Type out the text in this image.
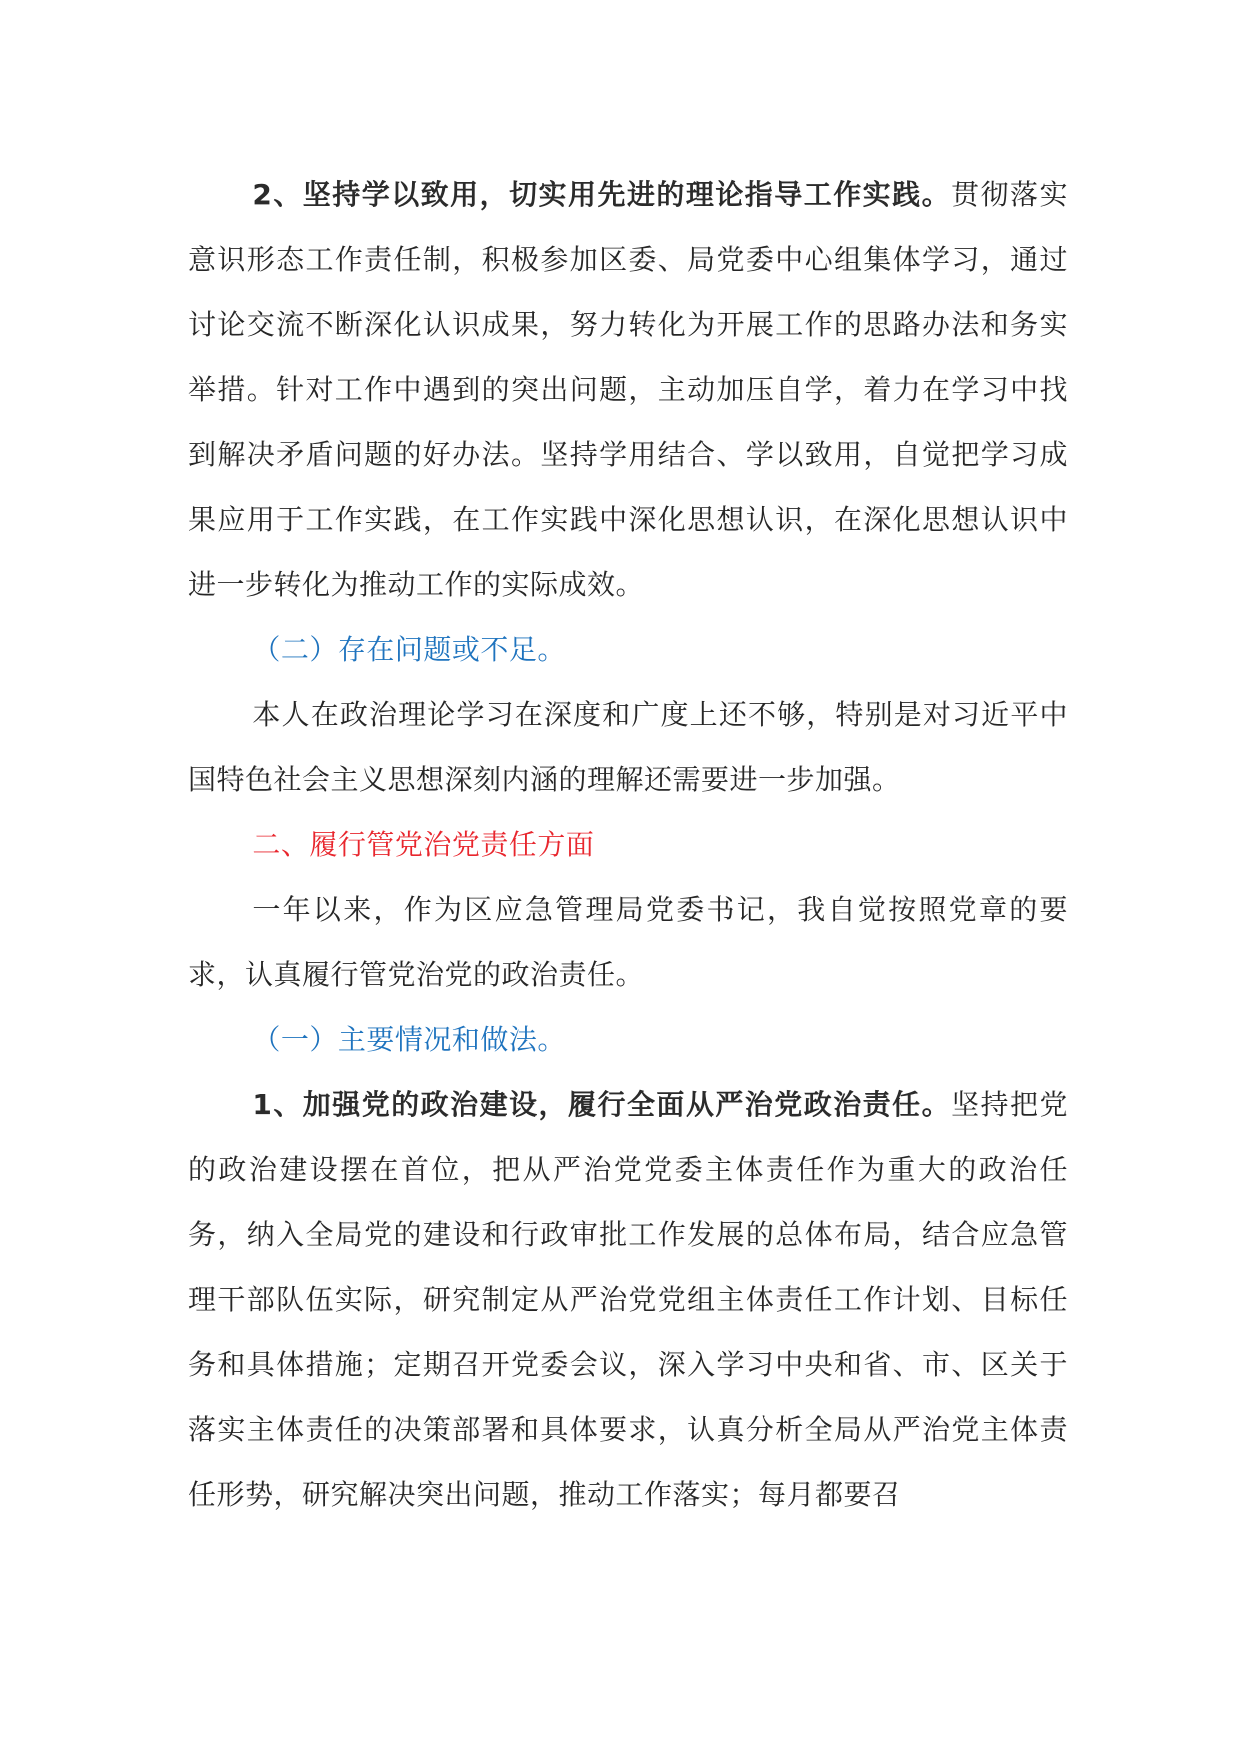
2、坚持学以致用，切实用先进的理论指导工作实践。贯彻落实意识形态工作责任制，积极参加区委、局党委中心组集体学习，通过讨论交流不断深化认识成果，努力转化为开展工作的思路办法和务实举措。针对工作中遇到的突出问题，主动加压自学，着力在学习中找到解决矛盾问题的好办法。坚持学用结合、学以致用，自觉把学习成果应用于工作实践，在工作实践中深化思想认识，在深化思想认识中进一步转化为推动工作的实际成效。

（二）存在问题或不足。

本人在政治理论学习在深度和广度上还不够，特别是对习近平中国特色社会主义思想深刻内涵的理解还需要进一步加强。

二、履行管党治党责任方面

一年以来，作为区应急管理局党委书记，我自觉按照党章的要求，认真履行管党治党的政治责任。

（一）主要情况和做法。

1、加强党的政治建设，履行全面从严治党政治责任。坚持把党的政治建设摆在首位，把从严治党党委主体责任作为重大的政治任务，纳入全局党的建设和行政审批工作发展的总体布局，结合应急管理干部队伍实际，研究制定从严治党党组主体责任工作计划、目标任务和具体措施；定期召开党委会议，深入学习中央和省、市、区关于落实主体责任的决策部署和具体要求，认真分析全局从严治党主体责任形势，研究解决突出问题，推动工作落实；每月都要召
